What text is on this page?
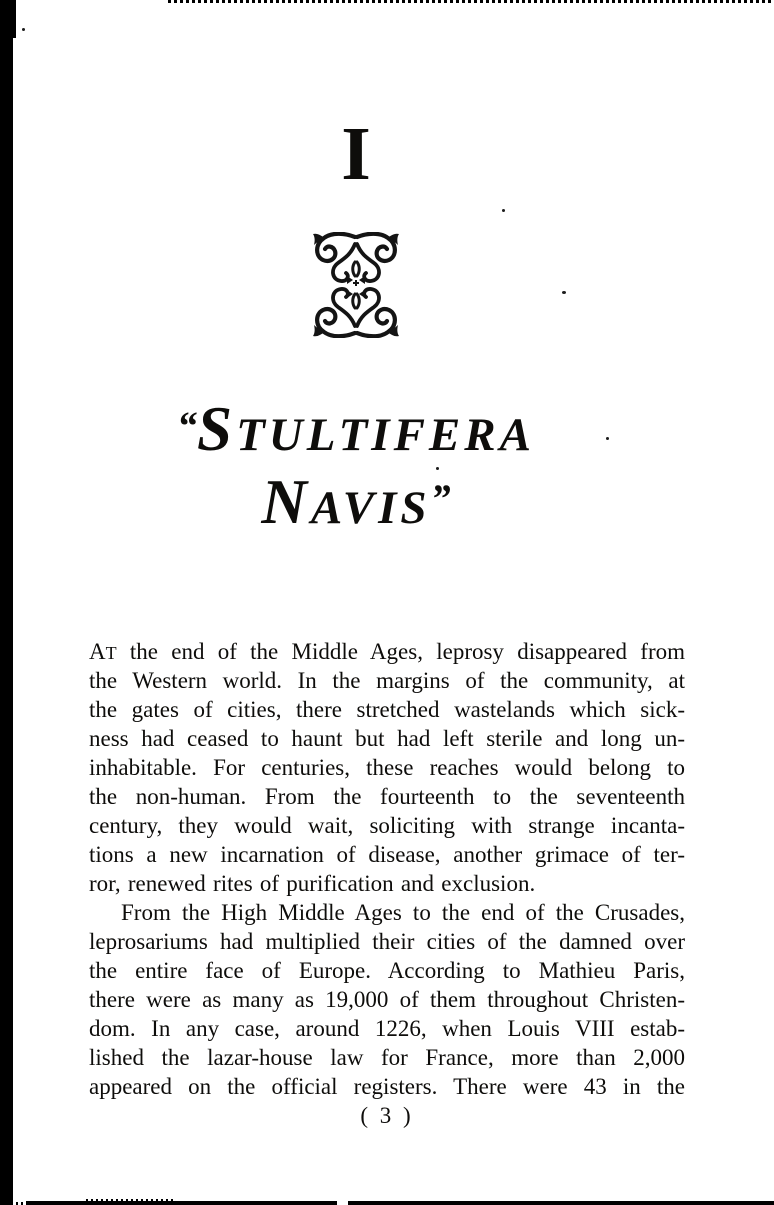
I
“STULTIFERA
NAVIS”
AT the end of the Middle Ages, leprosy disappeared from
the Western world. In the margins of the community, at
the gates of cities, there stretched wastelands which sick-
ness had ceased to haunt but had left sterile and long un-
inhabitable. For centuries, these reaches would belong to
the non-human. From the fourteenth to the seventeenth
century, they would wait, soliciting with strange incanta-
tions a new incarnation of disease, another grimace of ter-
ror, renewed rites of purification and exclusion.
From the High Middle Ages to the end of the Crusades,
leprosariums had multiplied their cities of the damned over
the entire face of Europe. According to Mathieu Paris,
there were as many as 19,000 of them throughout Christen-
dom. In any case, around 1226, when Louis VIII estab-
lished the lazar-house law for France, more than 2,000
appeared on the official registers. There were 43 in the
( 3 )
